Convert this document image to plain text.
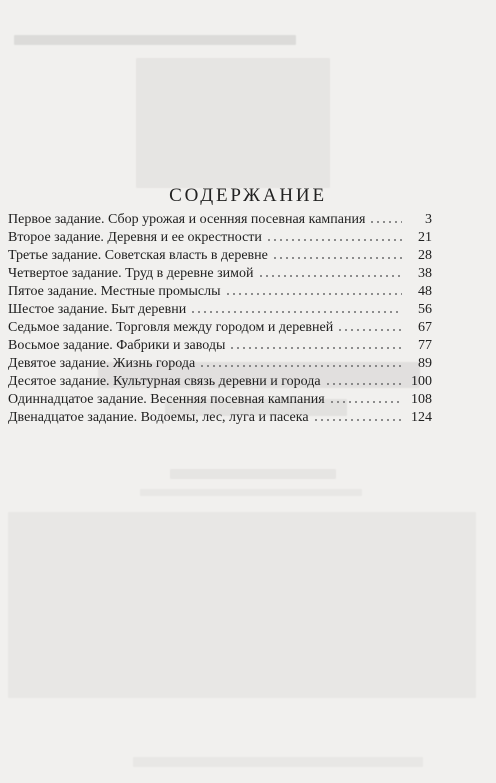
СОДЕРЖАНИЕ
Первое задание. Сбор урожая и осенняя посевная кампания	3
Второе задание. Деревня и ее окрестности	21
Третье задание. Советская власть в деревне	28
Четвертое задание. Труд в деревне зимой	38
Пятое задание. Местные промыслы	48
Шестое задание. Быт деревни	56
Седьмое задание. Торговля между городом и деревней	67
Восьмое задание. Фабрики и заводы	77
Девятое задание. Жизнь города	89
Десятое задание. Культурная связь деревни и города	100
Одиннадцатое задание. Весенняя посевная кампания	108
Двенадцатое задание. Водоемы, лес, луга и пасека	124
